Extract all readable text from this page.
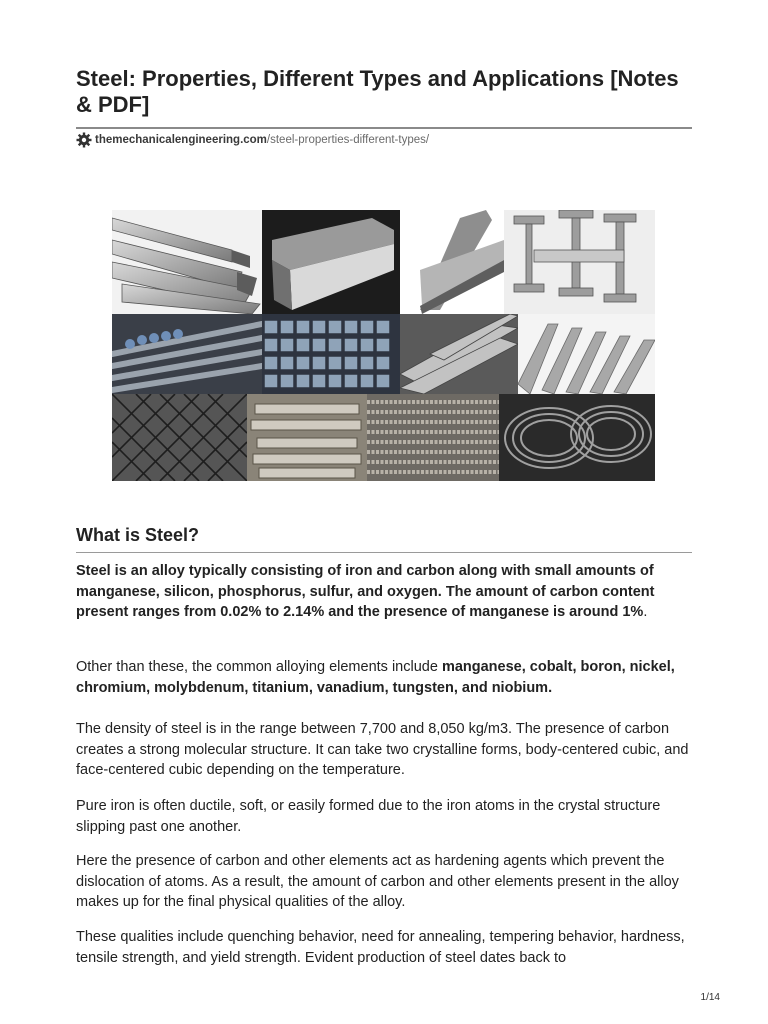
Steel: Properties, Different Types and Applications [Notes & PDF]
themechanicalengineering.com /steel-properties-different-types/
What is Steel?

Steel is an alloy typically consisting of iron and carbon along with small amounts of manganese, silicon, phosphorus, sulfur, and oxygen. The amount of carbon content present ranges from 0.02% to 2.14% and the presence of manganese is around 1%.

Other than these, the common alloying elements include manganese, cobalt, boron, nickel, chromium, molybdenum, titanium, vanadium, tungsten, and niobium.

The density of steel is in the range between 7,700 and 8,050 kg/m3. The presence of carbon creates a strong molecular structure. It can take two crystalline forms, body-centered cubic, and face-centered cubic depending on the temperature.

Pure iron is often ductile, soft, or easily formed due to the iron atoms in the crystal structure slipping past one another.

Here the presence of carbon and other elements act as hardening agents which prevent the dislocation of atoms. As a result, the amount of carbon and other elements present in the alloy makes up for the final physical qualities of the alloy.

These qualities include quenching behavior, need for annealing, tempering behavior, hardness, tensile strength, and yield strength. Evident production of steel dates back to

1/14
